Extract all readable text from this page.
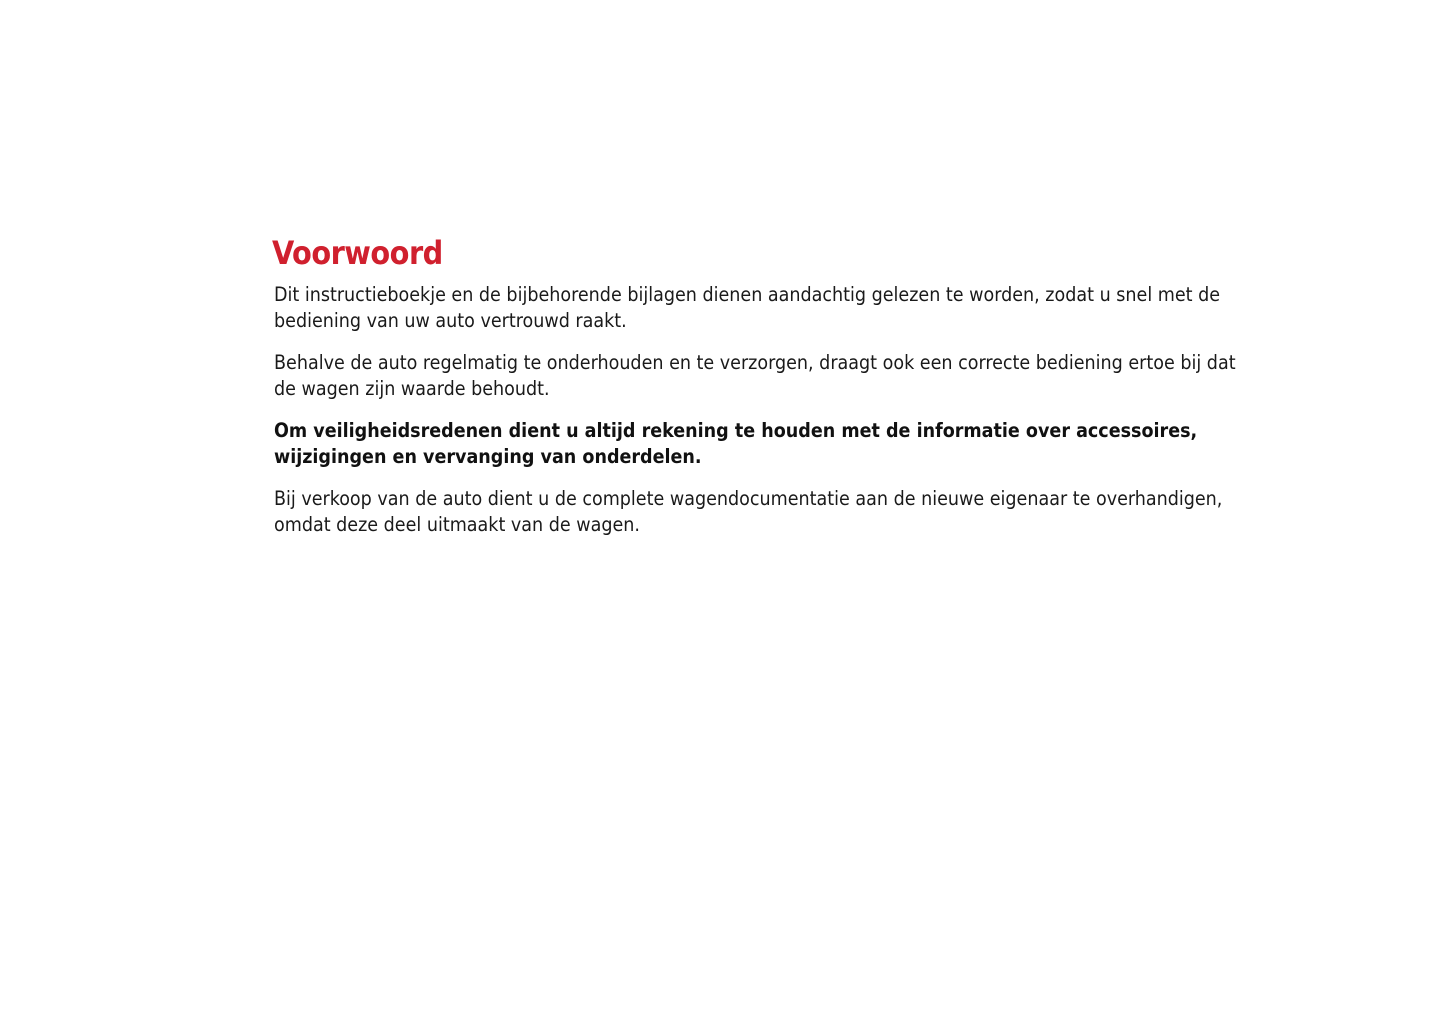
Voorwoord

Dit instructieboekje en de bijbehorende bijlagen dienen aandachtig gelezen te worden, zodat u snel met de bediening van uw auto vertrouwd raakt.

Behalve de auto regelmatig te onderhouden en te verzorgen, draagt ook een correcte bediening ertoe bij dat de wagen zijn waarde behoudt.

Om veiligheidsredenen dient u altijd rekening te houden met de informatie over accessoires, wijzigingen en vervanging van onderdelen.

Bij verkoop van de auto dient u de complete wagendocumentatie aan de nieuwe eigenaar te overhandigen, omdat deze deel uitmaakt van de wagen.
